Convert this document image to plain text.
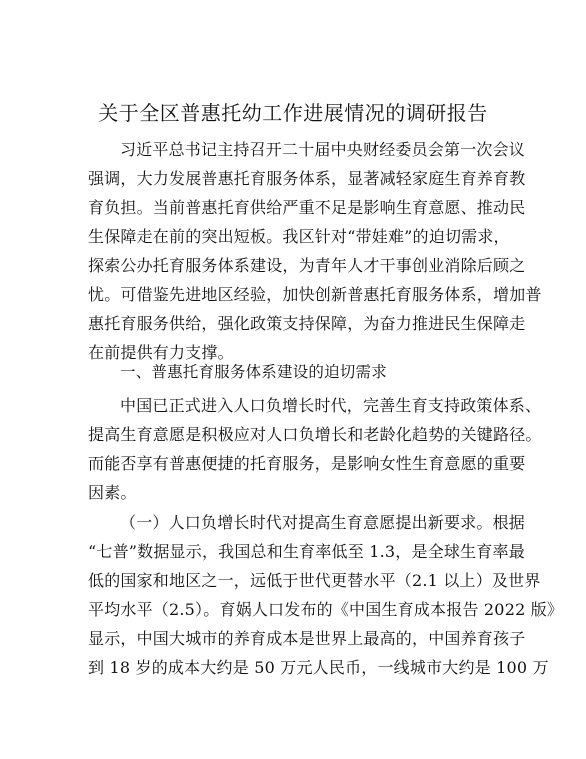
关于全区普惠托幼工作进展情况的调研报告
习近平总书记主持召开二十届中央财经委员会第一次会议
强调，大力发展普惠托育服务体系，显著减轻家庭生育养育教
育负担。当前普惠托育供给严重不足是影响生育意愿、推动民
生保障走在前的突出短板。我区针对“带娃难”的迫切需求，
探索公办托育服务体系建设，为青年人才干事创业消除后顾之
忧。可借鉴先进地区经验，加快创新普惠托育服务体系，增加普
惠托育服务供给，强化政策支持保障，为奋力推进民生保障走
在前提供有力支撑。
一、普惠托育服务体系建设的迫切需求
中国已正式进入人口负增长时代，完善生育支持政策体系、
提高生育意愿是积极应对人口负增长和老龄化趋势的关键路径。
而能否享有普惠便捷的托育服务，是影响女性生育意愿的重要
因素。
（一）人口负增长时代对提高生育意愿提出新要求。根据
“七普”数据显示，我国总和生育率低至 1.3，是全球生育率最
低的国家和地区之一，远低于世代更替水平（2.1 以上）及世界
平均水平（2.5）。育娲人口发布的《中国生育成本报告 2022 版》
显示，中国大城市的养育成本是世界上最高的，中国养育孩子
到 18 岁的成本大约是 50 万元人民币，一线城市大约是 100 万
